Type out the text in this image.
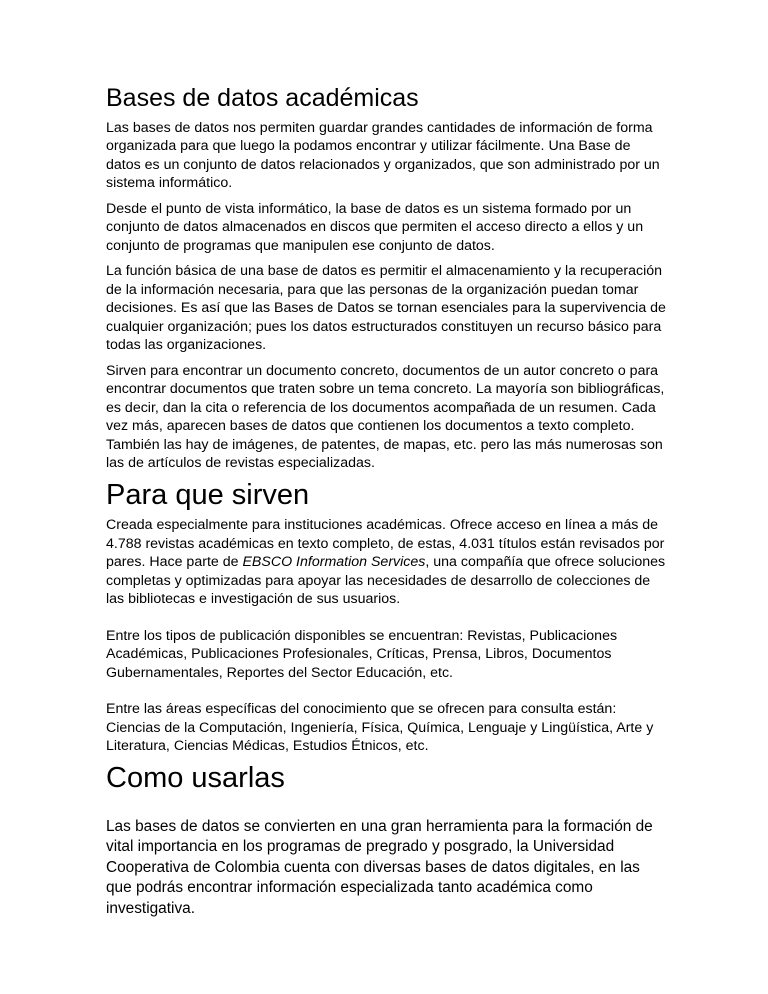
Bases de datos académicas

Las bases de datos nos permiten guardar grandes cantidades de información de forma organizada para que luego la podamos encontrar y utilizar fácilmente. Una Base de datos es un conjunto de datos relacionados y organizados, que son administrado por un sistema informático.

Desde el punto de vista informático, la base de datos es un sistema formado por un conjunto de datos almacenados en discos que permiten el acceso directo a ellos y un conjunto de programas que manipulen ese conjunto de datos.

La función básica de una base de datos es permitir el almacenamiento y la recuperación de la información necesaria, para que las personas de la organización puedan tomar decisiones. Es así que las Bases de Datos se tornan esenciales para la supervivencia de cualquier organización; pues los datos estructurados constituyen un recurso básico para todas las organizaciones.

Sirven para encontrar un documento concreto, documentos de un autor concreto o para encontrar documentos que traten sobre un tema concreto. La mayoría son bibliográficas, es decir, dan la cita o referencia de los documentos acompañada de un resumen. Cada vez más, aparecen bases de datos que contienen los documentos a texto completo. También las hay de imágenes, de patentes, de mapas, etc. pero las más numerosas son las de artículos de revistas especializadas.

Para que sirven

Creada especialmente para instituciones académicas. Ofrece acceso en línea a más de 4.788 revistas académicas en texto completo, de estas, 4.031 títulos están revisados por pares. Hace parte de EBSCO Information Services, una compañía que ofrece soluciones completas y optimizadas para apoyar las necesidades de desarrollo de colecciones de las bibliotecas e investigación de sus usuarios.

Entre los tipos de publicación disponibles se encuentran: Revistas, Publicaciones Académicas, Publicaciones Profesionales, Críticas, Prensa, Libros, Documentos Gubernamentales, Reportes del Sector Educación, etc.

Entre las áreas específicas del conocimiento que se ofrecen para consulta están: Ciencias de la Computación, Ingeniería, Física, Química, Lenguaje y Lingüística, Arte y Literatura, Ciencias Médicas, Estudios Étnicos, etc.

Como usarlas

Las bases de datos se convierten en una gran herramienta para la formación de vital importancia en los programas de pregrado y posgrado, la Universidad Cooperativa de Colombia cuenta con diversas bases de datos digitales, en las que podrás encontrar información especializada tanto académica como investigativa.
